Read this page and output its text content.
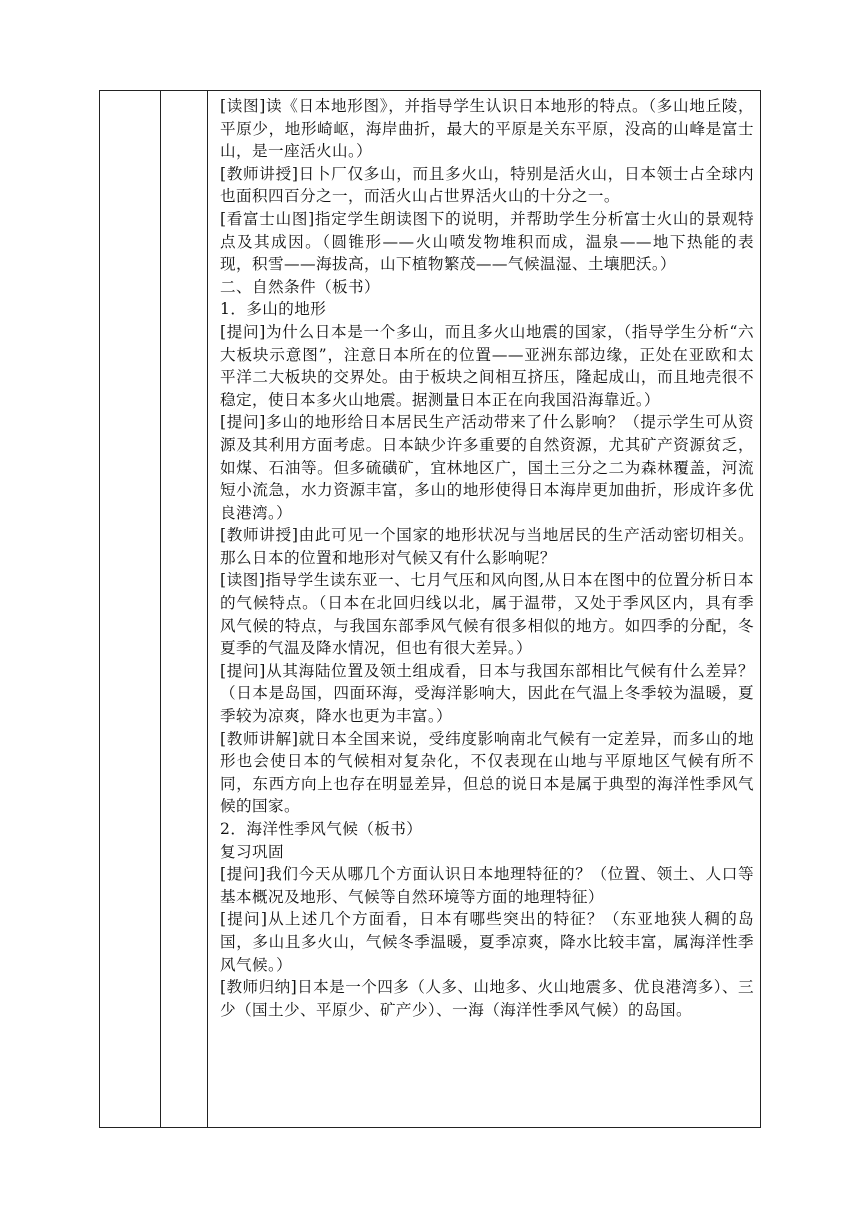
[读图]读《日本地形图》，并指导学生认识日本地形的特点。（多山地丘陵，平原少，地形崎岖，海岸曲折，最大的平原是关东平原，没高的山峰是富士山，是一座活火山。）

[教师讲授]日卜厂仅多山，而且多火山，特别是活火山，日本领士占全球内也面积四百分之一，而活火山占世界活火山的十分之一。

[看富士山图]指定学生朗读图下的说明，并帮助学生分析富士火山的景观特点及其成因。（圆锥形——火山喷发物堆积而成，温泉——地下热能的表现，积雪——海拔高，山下植物繁茂——气候温湿、土壤肥沃。）

二、自然条件（板书）

1．多山的地形

[提问]为什么日本是一个多山，而且多火山地震的国家，（指导学生分析“六大板块示意图”，注意日本所在的位置——亚洲东部边缘，正处在亚欧和太平洋二大板块的交界处。由于板块之间相互挤压，隆起成山，而且地壳很不稳定，使日本多火山地震。据测量日本正在向我国沿海靠近。）

[提问]多山的地形给日本居民生产活动带来了什么影响？（提示学生可从资源及其利用方面考虑。日本缺少许多重要的自然资源，尤其矿产资源贫乏，如煤、石油等。但多硫磺矿，宜林地区广，国土三分之二为森林覆盖，河流短小流急，水力资源丰富，多山的地形使得日本海岸更加曲折，形成许多优良港湾。）

[教师讲授]由此可见一个国家的地形状况与当地居民的生产活动密切相关。那么日本的位置和地形对气候又有什么影响呢？

[读图]指导学生读东亚一、七月气压和风向图,从日本在图中的位置分析日本的气候特点。（日本在北回归线以北，属于温带，又处于季风区内，具有季风气候的特点，与我国东部季风气候有很多相似的地方。如四季的分配，冬夏季的气温及降水情况，但也有很大差异。）

[提问]从其海陆位置及领土组成看，日本与我国东部相比气候有什么差异？（日本是岛国，四面环海，受海洋影响大，因此在气温上冬季较为温暖，夏季较为凉爽，降水也更为丰富。）

[教师讲解]就日本全国来说，受纬度影响南北气候有一定差异，而多山的地形也会使日本的气候相对复杂化，不仅表现在山地与平原地区气候有所不同，东西方向上也存在明显差异，但总的说日本是属于典型的海洋性季风气候的国家。

2．海洋性季风气候（板书）

复习巩固

[提问]我们今天从哪几个方面认识日本地理特征的？（位置、领土、人口等基本概况及地形、气候等自然环境等方面的地理特征）

[提问]从上述几个方面看，日本有哪些突出的特征？（东亚地狭人稠的岛国，多山且多火山，气候冬季温暖，夏季凉爽，降水比较丰富，属海洋性季风气候。）

[教师归纳]日本是一个四多（人多、山地多、火山地震多、优良港湾多）、三少（国土少、平原少、矿产少）、一海（海洋性季风气候）的岛国。
